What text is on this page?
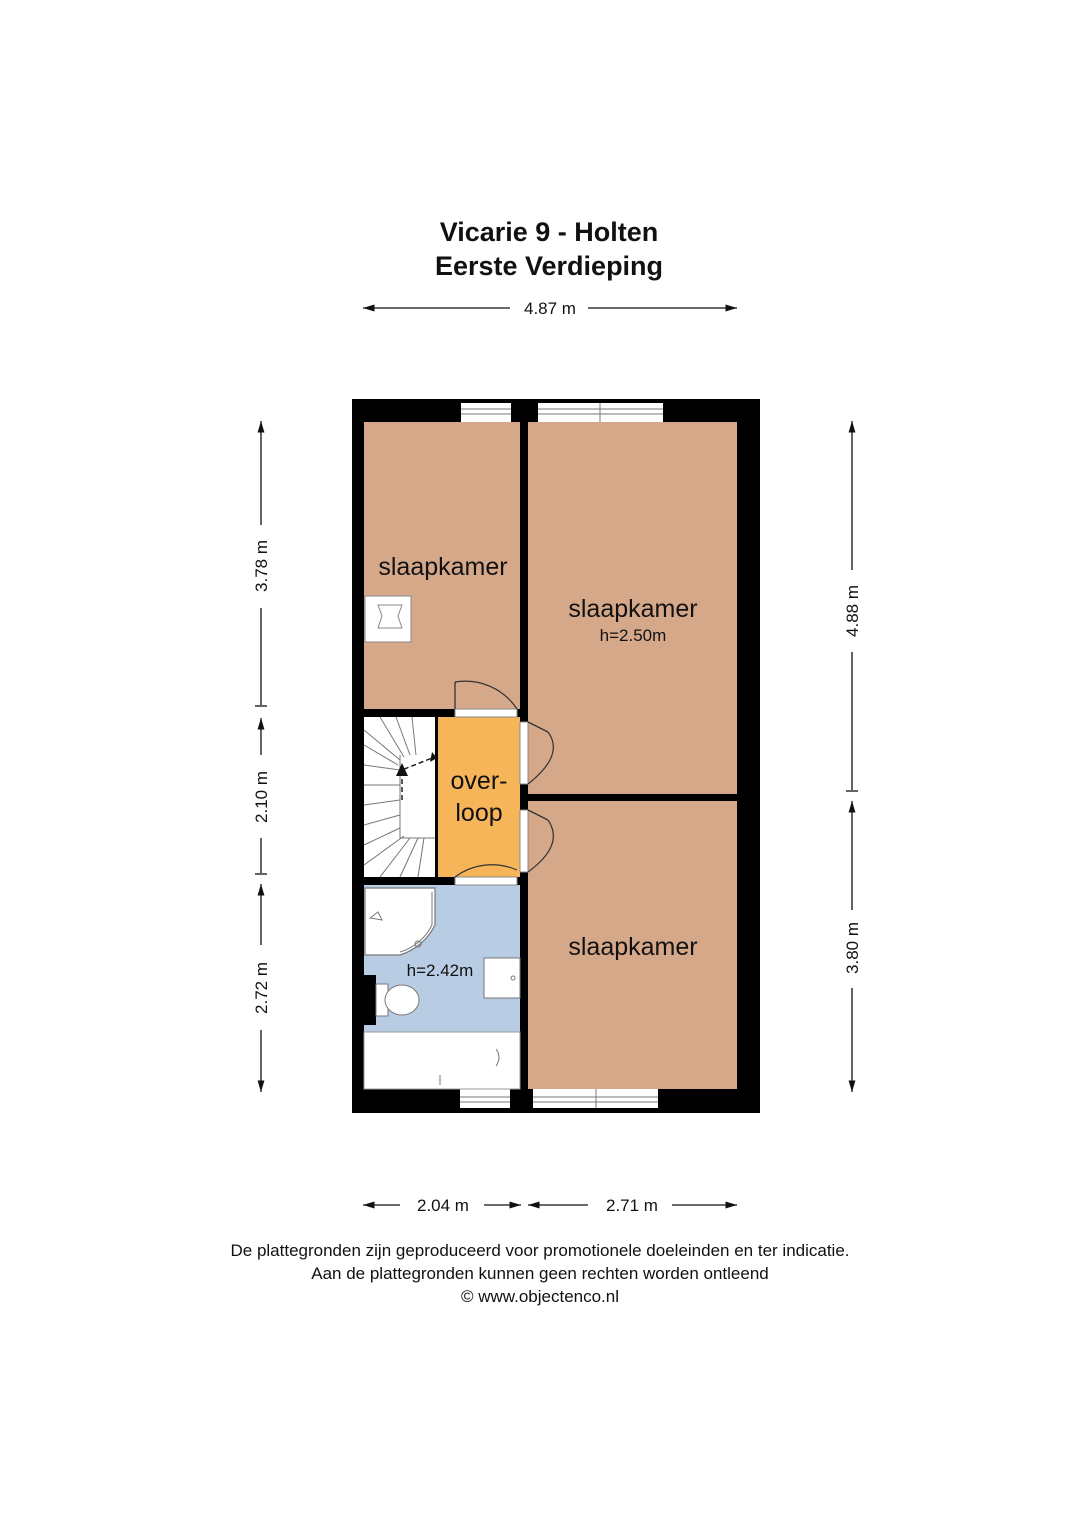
Vicarie 9 - Holten
Eerste Verdieping
4.87 m
3.78 m
2.10 m
2.72 m
4.88 m
3.80 m
2.04 m	2.71 m
slaapkamer
slaapkamer
h=2.50m
over-
loop
h=2.42m
slaapkamer
De plattegronden zijn geproduceerd voor promotionele doeleinden en ter indicatie.
Aan de plattegronden kunnen geen rechten worden ontleend
© www.objectenco.nl
